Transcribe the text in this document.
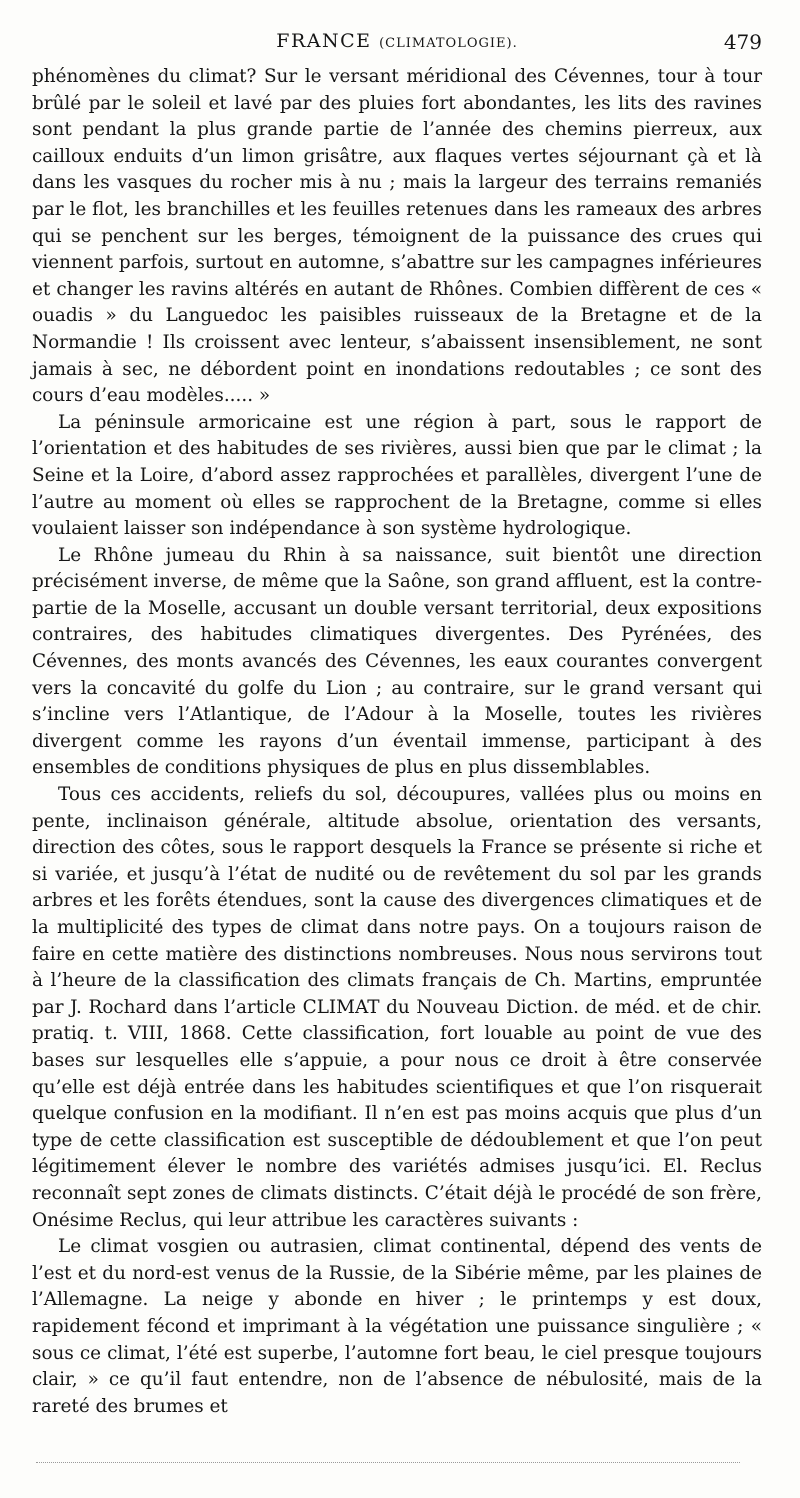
FRANCE (CLIMATOLOGIE).	479

phénomènes du climat? Sur le versant méridional des Cévennes, tour à tour brûlé par le soleil et lavé par des pluies fort abondantes, les lits des ravines sont pendant la plus grande partie de l’année des chemins pierreux, aux cailloux enduits d’un limon grisâtre, aux flaques vertes séjournant çà et là dans les vasques du rocher mis à nu ; mais la largeur des terrains remaniés par le flot, les branchilles et les feuilles retenues dans les rameaux des arbres qui se penchent sur les berges, témoignent de la puissance des crues qui viennent parfois, surtout en automne, s’abattre sur les campagnes inférieures et changer les ravins altérés en autant de Rhônes. Combien diffèrent de ces « ouadis » du Languedoc les paisibles ruisseaux de la Bretagne et de la Normandie ! Ils croissent avec lenteur, s’abaissent insensiblement, ne sont jamais à sec, ne débordent point en inondations redoutables ; ce sont des cours d’eau modèles..... »

La péninsule armoricaine est une région à part, sous le rapport de l’orientation et des habitudes de ses rivières, aussi bien que par le climat ; la Seine et la Loire, d’abord assez rapprochées et parallèles, divergent l’une de l’autre au moment où elles se rapprochent de la Bretagne, comme si elles voulaient laisser son indépendance à son système hydrologique.

Le Rhône jumeau du Rhin à sa naissance, suit bientôt une direction précisément inverse, de même que la Saône, son grand affluent, est la contre-partie de la Moselle, accusant un double versant territorial, deux expositions contraires, des habitudes climatiques divergentes. Des Pyrénées, des Cévennes, des monts avancés des Cévennes, les eaux courantes convergent vers la concavité du golfe du Lion ; au contraire, sur le grand versant qui s’incline vers l’Atlantique, de l’Adour à la Moselle, toutes les rivières divergent comme les rayons d’un éventail immense, participant à des ensembles de conditions physiques de plus en plus dissemblables.

Tous ces accidents, reliefs du sol, découpures, vallées plus ou moins en pente, inclinaison générale, altitude absolue, orientation des versants, direction des côtes, sous le rapport desquels la France se présente si riche et si variée, et jusqu’à l’état de nudité ou de revêtement du sol par les grands arbres et les forêts étendues, sont la cause des divergences climatiques et de la multiplicité des types de climat dans notre pays. On a toujours raison de faire en cette matière des distinctions nombreuses. Nous nous servirons tout à l’heure de la classification des climats français de Ch. Martins, empruntée par J. Rochard dans l’article CLIMAT du Nouveau Diction. de méd. et de chir. pratiq. t. VIII, 1868. Cette classification, fort louable au point de vue des bases sur lesquelles elle s’appuie, a pour nous ce droit à être conservée qu’elle est déjà entrée dans les habitudes scientifiques et que l’on risquerait quelque confusion en la modifiant. Il n’en est pas moins acquis que plus d’un type de cette classification est susceptible de dédoublement et que l’on peut légitimement élever le nombre des variétés admises jusqu’ici. El. Reclus reconnaît sept zones de climats distincts. C’était déjà le procédé de son frère, Onésime Reclus, qui leur attribue les caractères suivants :

Le climat vosgien ou autrasien, climat continental, dépend des vents de l’est et du nord-est venus de la Russie, de la Sibérie même, par les plaines de l’Allemagne. La neige y abonde en hiver ; le printemps y est doux, rapidement fécond et imprimant à la végétation une puissance singulière ; « sous ce climat, l’été est superbe, l’automne fort beau, le ciel presque toujours clair, » ce qu’il faut entendre, non de l’absence de nébulosité, mais de la rareté des brumes et
